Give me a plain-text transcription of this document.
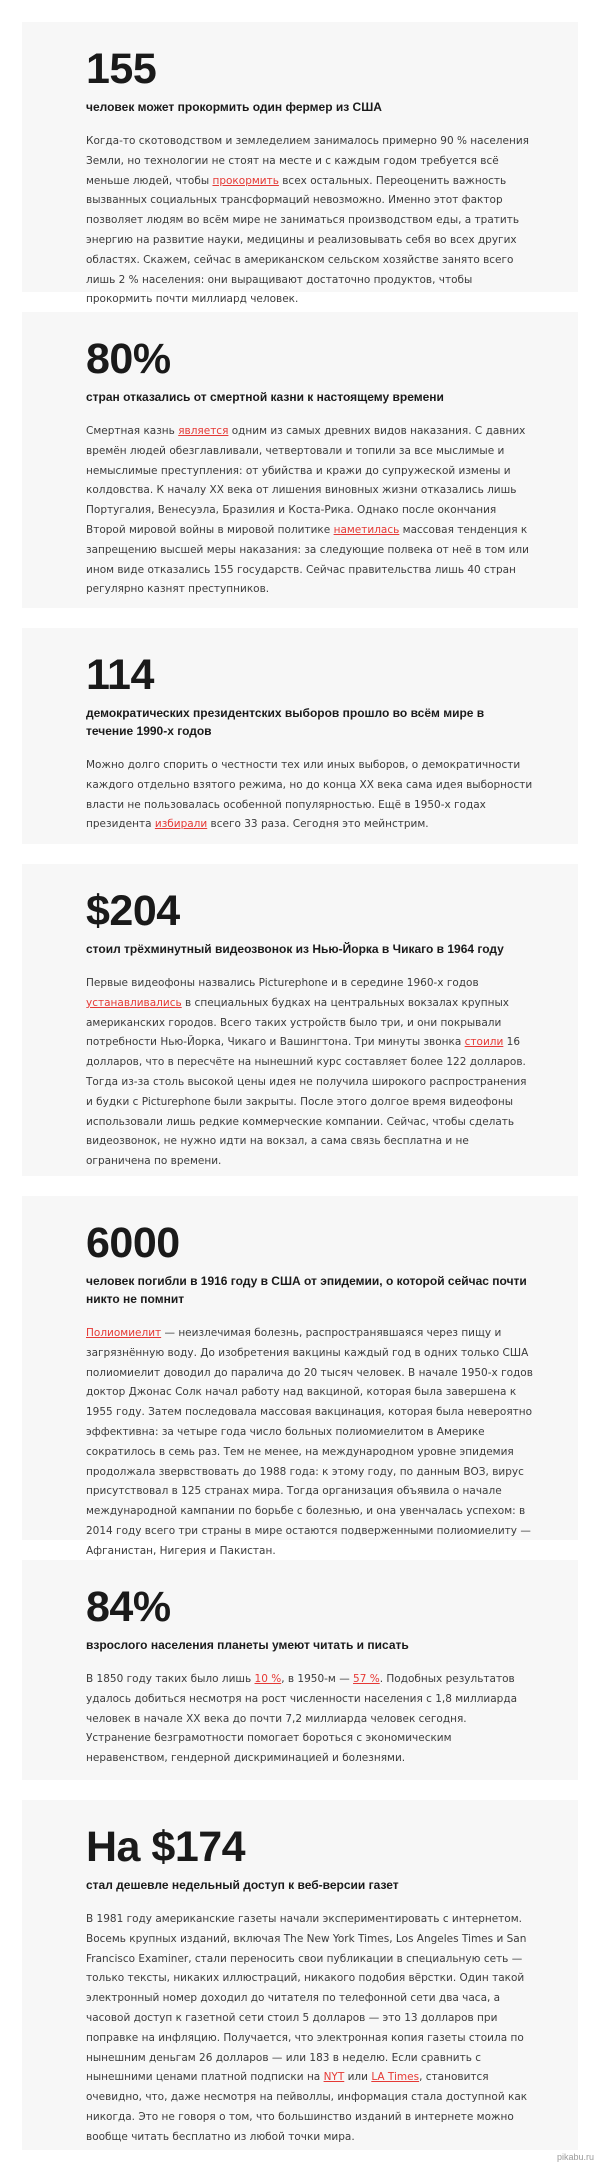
155
человек может прокормить один фермер из США
Когда-то скотоводством и земледелием занималось примерно 90 % населения Земли, но технологии не стоят на месте и с каждым годом требуется всё меньше людей, чтобы прокормить всех остальных. Переоценить важность вызванных социальных трансформаций невозможно. Именно этот фактор позволяет людям во всём мире не заниматься производством еды, а тратить энергию на развитие науки, медицины и реализовывать себя во всех других областях. Скажем, сейчас в американском сельском хозяйстве занято всего лишь 2 % населения: они выращивают достаточно продуктов, чтобы прокормить почти миллиард человек.
80%
стран отказались от смертной казни к настоящему времени
Смертная казнь является одним из самых древних видов наказания. С давних времён людей обезглавливали, четвертовали и топили за все мыслимые и немыслимые преступления: от убийства и кражи до супружеской измены и колдовства. К началу ХХ века от лишения виновных жизни отказались лишь Португалия, Венесуэла, Бразилия и Коста-Рика. Однако после окончания Второй мировой войны в мировой политике наметилась массовая тенденция к запрещению высшей меры наказания: за следующие полвека от неё в том или ином виде отказались 155 государств. Сейчас правительства лишь 40 стран регулярно казнят преступников.
114
демократических президентских выборов прошло во всём мире в течение 1990-х годов
Можно долго спорить о честности тех или иных выборов, о демократичности каждого отдельно взятого режима, но до конца ХХ века сама идея выборности власти не пользовалась особенной популярностью. Ещё в 1950-х годах президента избирали всего 33 раза. Сегодня это мейнстрим.
$204
стоил трёхминутный видеозвонок из Нью-Йорка в Чикаго в 1964 году
Первые видеофоны назвались Picturephone и в середине 1960-х годов устанавливались в специальных будках на центральных вокзалах крупных американских городов. Всего таких устройств было три, и они покрывали потребности Нью-Йорка, Чикаго и Вашингтона. Три минуты звонка стоили 16 долларов, что в пересчёте на нынешний курс составляет более 122 долларов. Тогда из-за столь высокой цены идея не получила широкого распространения и будки с Picturephone были закрыты. После этого долгое время видеофоны использовали лишь редкие коммерческие компании. Сейчас, чтобы сделать видеозвонок, не нужно идти на вокзал, а сама связь бесплатна и не ограничена по времени.
6000
человек погибли в 1916 году в США от эпидемии, о которой сейчас почти никто не помнит
Полиомиелит — неизлечимая болезнь, распространявшаяся через пищу и загрязнённую воду. До изобретения вакцины каждый год в одних только США полиомиелит доводил до паралича до 20 тысяч человек. В начале 1950-х годов доктор Джонас Солк начал работу над вакциной, которая была завершена к 1955 году. Затем последовала массовая вакцинация, которая была невероятно эффективна: за четыре года число больных полиомиелитом в Америке сократилось в семь раз. Тем не менее, на международном уровне эпидемия продолжала звервствовать до 1988 года: к этому году, по данным ВОЗ, вирус присутствовал в 125 странах мира. Тогда организация объявила о начале международной кампании по борьбе с болезнью, и она увенчалась успехом: в 2014 году всего три страны в мире остаются подверженными полиомиелиту — Афганистан, Нигерия и Пакистан.
84%
взрослого населения планеты умеют читать и писать
В 1850 году таких было лишь 10 %, в 1950-м — 57 %. Подобных результатов удалось добиться несмотря на рост численности населения с 1,8 миллиарда человек в начале ХХ века до почти 7,2 миллиарда человек сегодня. Устранение безграмотности помогает бороться с экономическим неравенством, гендерной дискриминацией и болезнями.
На $174
стал дешевле недельный доступ к веб-версии газет
В 1981 году американские газеты начали экспериментировать с интернетом. Восемь крупных изданий, включая The New York Times, Los Angeles Times и San Francisco Examiner, стали переносить свои публикации в специальную сеть — только тексты, никаких иллюстраций, никакого подобия вёрстки. Один такой электронный номер доходил до читателя по телефонной сети два часа, а часовой доступ к газетной сети стоил 5 долларов — это 13 долларов при поправке на инфляцию. Получается, что электронная копия газеты стоила по нынешним деньгам 26 долларов — или 183 в неделю. Если сравнить с нынешними ценами платной подписки на NYT или LA Times, становится очевидно, что, даже несмотря на пейволлы, информация стала доступной как никогда. Это не говоря о том, что большинство изданий в интернете можно вообще читать бесплатно из любой точки мира.
pikabu.ru
